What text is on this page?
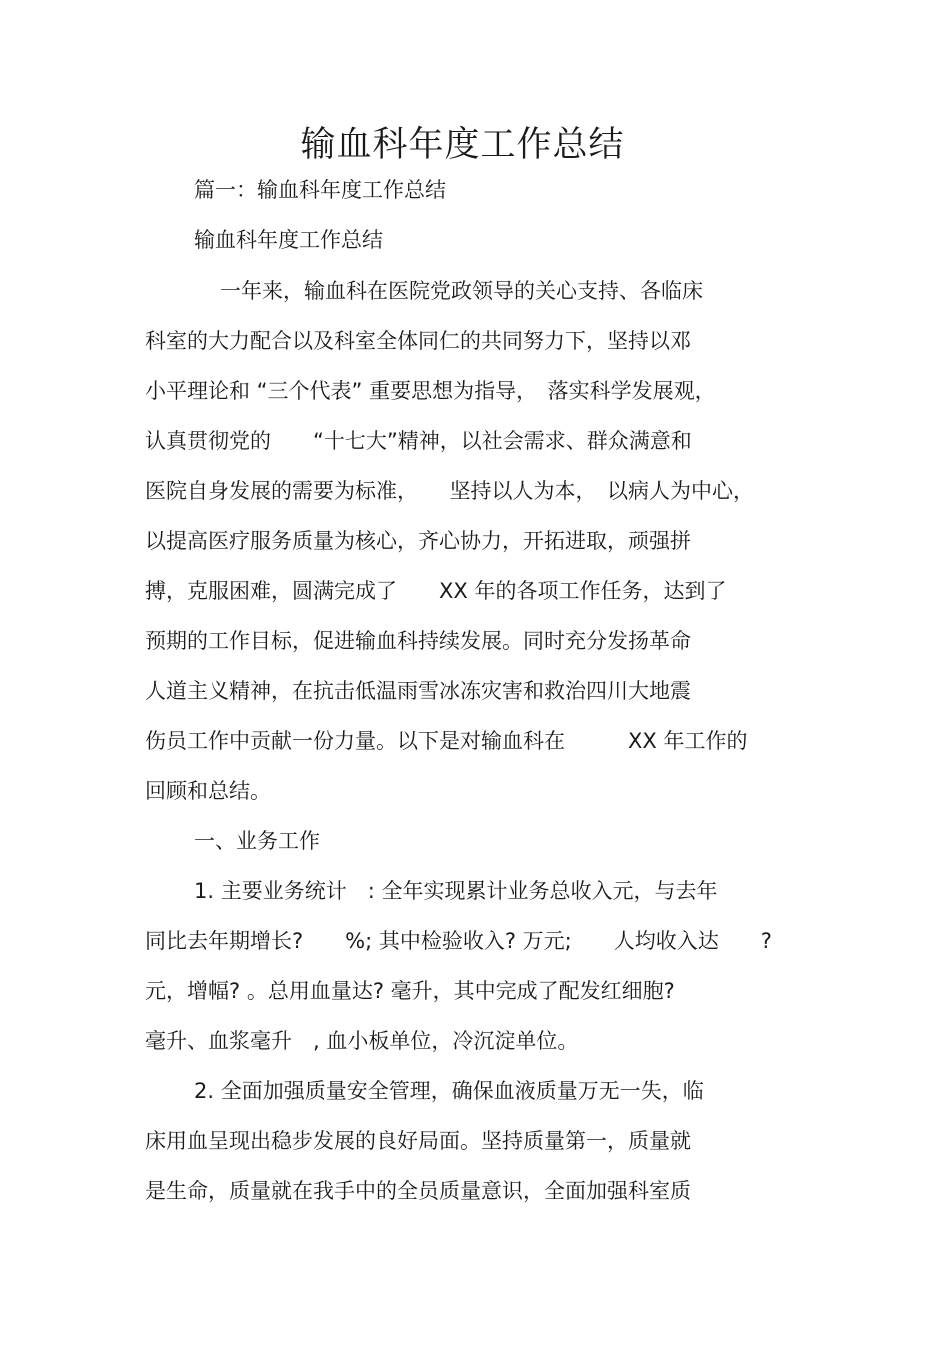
输血科年度工作总结
篇一：输血科年度工作总结
输血科年度工作总结
一年来，输血科在医院党政领导的关心支持、各临床
科室的大力配合以及科室全体同仁的共同努力下，坚持以邓
小平理论和 “三个代表” 重要思想为指导，　落实科学发展观，
认真贯彻党的　　“十七大”精神，以社会需求、群众满意和
医院自身发展的需要为标准，　　坚持以人为本，　以病人为中心，
以提高医疗服务质量为核心，齐心协力，开拓进取，顽强拼
搏，克服困难，圆满完成了　　XX 年的各项工作任务，达到了
预期的工作目标，促进输血科持续发展。同时充分发扬革命
人道主义精神，在抗击低温雨雪冰冻灾害和救治四川大地震
伤员工作中贡献一份力量。以下是对输血科在　　　XX 年工作的
回顾和总结。
一、业务工作
1. 主要业务统计　: 全年实现累计业务总收入元，与去年
同比去年期增长?　　%; 其中检验收入? 万元;　　人均收入达　　?
元，增幅? 。总用血量达? 毫升，其中完成了配发红细胞?
毫升、血浆毫升　, 血小板单位，冷沉淀单位。
2. 全面加强质量安全管理，确保血液质量万无一失，临
床用血呈现出稳步发展的良好局面。坚持质量第一，质量就
是生命，质量就在我手中的全员质量意识，全面加强科室质
